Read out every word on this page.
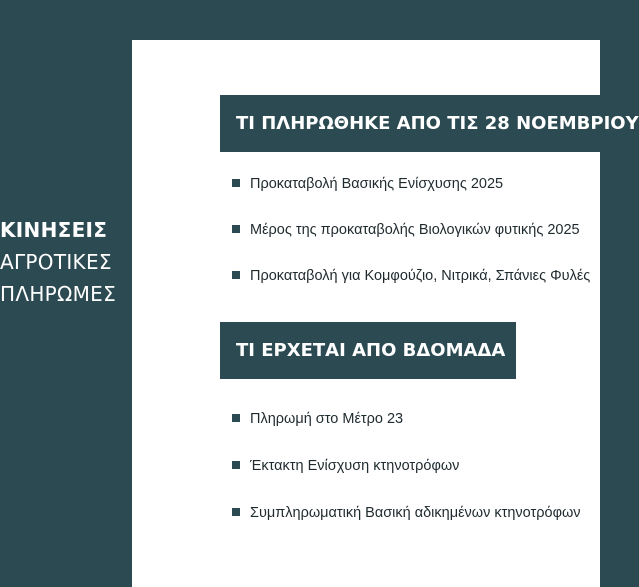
ΚΙΝΗΣΕΙΣ
ΑΓΡΟΤΙΚΕΣ
ΠΛΗΡΩΜΕΣ
ΤΙ ΠΛΗΡΩΘΗΚΕ ΑΠΟ ΤΙΣ 28 ΝΟΕΜΒΡΙΟΥ
Προκαταβολή Βασικής Ενίσχυσης 2025
Μέρος της προκαταβολής Βιολογικών φυτικής 2025
Προκαταβολή για Κομφούζιο, Νιτρικά, Σπάνιες Φυλές
ΤΙ ΕΡΧΕΤΑΙ ΑΠΟ ΒΔΟΜΑΔΑ
Πληρωμή στο Μέτρο 23
Έκτακτη Ενίσχυση κτηνοτρόφων
Συμπληρωματική Βασική αδικημένων κτηνοτρόφων
